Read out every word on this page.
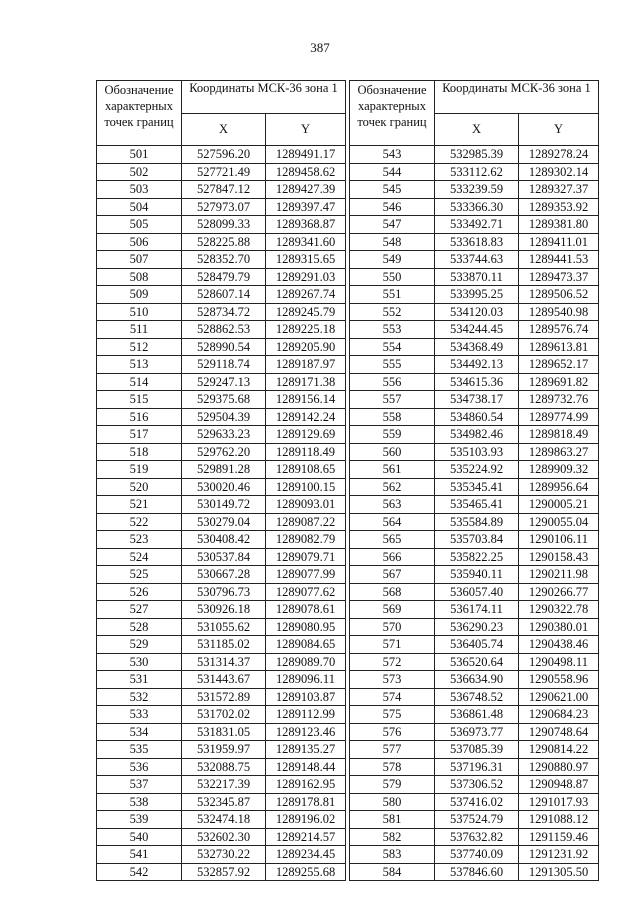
387
Обозначение характерных точек границ	Координаты МСК-36 зона 1	
	X	Y
501	527596.20	1289491.17
502	527721.49	1289458.62
503	527847.12	1289427.39
504	527973.07	1289397.47
505	528099.33	1289368.87
506	528225.88	1289341.60
507	528352.70	1289315.65
508	528479.79	1289291.03
509	528607.14	1289267.74
510	528734.72	1289245.79
511	528862.53	1289225.18
512	528990.54	1289205.90
513	529118.74	1289187.97
514	529247.13	1289171.38
515	529375.68	1289156.14
516	529504.39	1289142.24
517	529633.23	1289129.69
518	529762.20	1289118.49
519	529891.28	1289108.65
520	530020.46	1289100.15
521	530149.72	1289093.01
522	530279.04	1289087.22
523	530408.42	1289082.79
524	530537.84	1289079.71
525	530667.28	1289077.99
526	530796.73	1289077.62
527	530926.18	1289078.61
528	531055.62	1289080.95
529	531185.02	1289084.65
530	531314.37	1289089.70
531	531443.67	1289096.11
532	531572.89	1289103.87
533	531702.02	1289112.99
534	531831.05	1289123.46
535	531959.97	1289135.27
536	532088.75	1289148.44
537	532217.39	1289162.95
538	532345.87	1289178.81
539	532474.18	1289196.02
540	532602.30	1289214.57
541	532730.22	1289234.45
542	532857.92	1289255.68
Обозначение характерных точек границ	Координаты МСК-36 зона 1	
	X	Y
543	532985.39	1289278.24
544	533112.62	1289302.14
545	533239.59	1289327.37
546	533366.30	1289353.92
547	533492.71	1289381.80
548	533618.83	1289411.01
549	533744.63	1289441.53
550	533870.11	1289473.37
551	533995.25	1289506.52
552	534120.03	1289540.98
553	534244.45	1289576.74
554	534368.49	1289613.81
555	534492.13	1289652.17
556	534615.36	1289691.82
557	534738.17	1289732.76
558	534860.54	1289774.99
559	534982.46	1289818.49
560	535103.93	1289863.27
561	535224.92	1289909.32
562	535345.41	1289956.64
563	535465.41	1290005.21
564	535584.89	1290055.04
565	535703.84	1290106.11
566	535822.25	1290158.43
567	535940.11	1290211.98
568	536057.40	1290266.77
569	536174.11	1290322.78
570	536290.23	1290380.01
571	536405.74	1290438.46
572	536520.64	1290498.11
573	536634.90	1290558.96
574	536748.52	1290621.00
575	536861.48	1290684.23
576	536973.77	1290748.64
577	537085.39	1290814.22
578	537196.31	1290880.97
579	537306.52	1290948.87
580	537416.02	1291017.93
581	537524.79	1291088.12
582	537632.82	1291159.46
583	537740.09	1291231.92
584	537846.60	1291305.50
